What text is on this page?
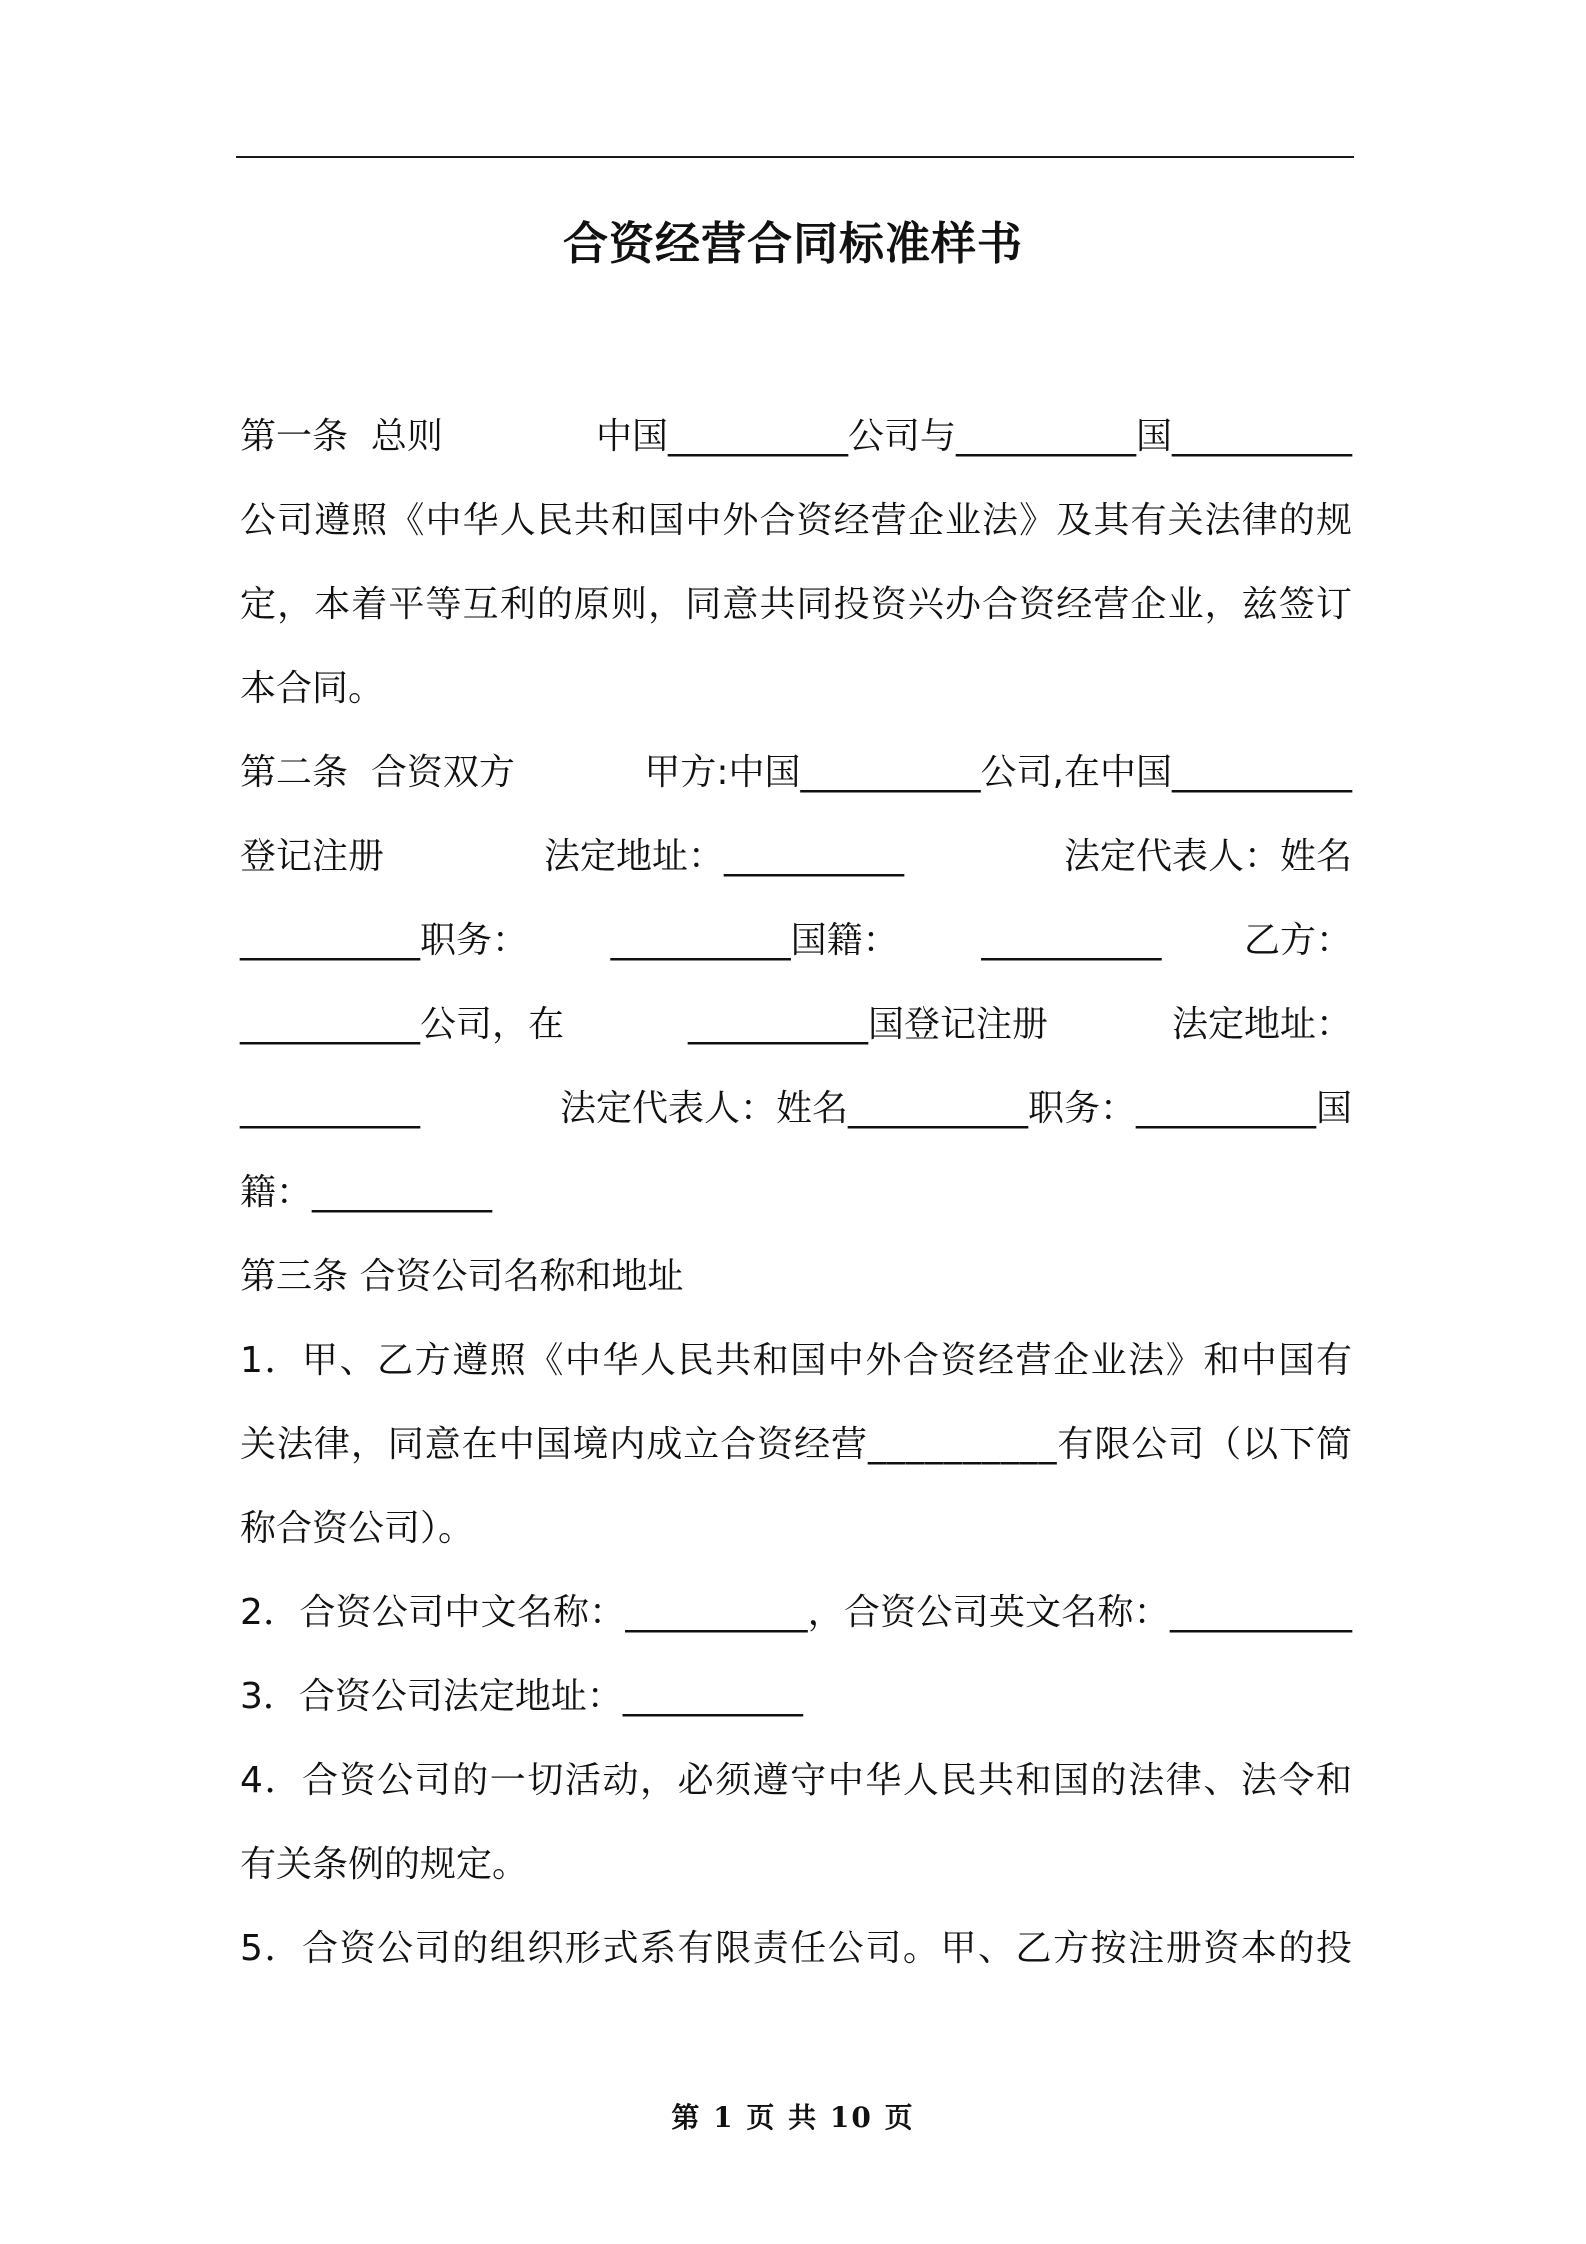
合资经营合同标准样书
第一条  总则	中国__________公司与__________国__________
公司遵照《中华人民共和国中外合资经营企业法》及其有关法律的规
定，本着平等互利的原则，同意共同投资兴办合资经营企业，兹签订
本合同。
第二条  合资双方	甲方:中国__________公司,在中国__________
登记注册	法定地址：__________	法定代表人：姓名
__________职务： __________国籍： __________ 乙方：
__________公司，在	__________国登记注册	法定地址：
__________	法定代表人：姓名__________职务：__________国
籍：__________
第三条 合资公司名称和地址
1．甲、乙方遵照《中华人民共和国中外合资经营企业法》和中国有
关法律，同意在中国境内成立合资经营__________有限公司（以下简
称合资公司）。
2．合资公司中文名称：__________，合资公司英文名称：__________
3．合资公司法定地址：__________
4．合资公司的一切活动，必须遵守中华人民共和国的法律、法令和
有关条例的规定。
5．合资公司的组织形式系有限责任公司。甲、乙方按注册资本的投
第 1 页 共 10 页
